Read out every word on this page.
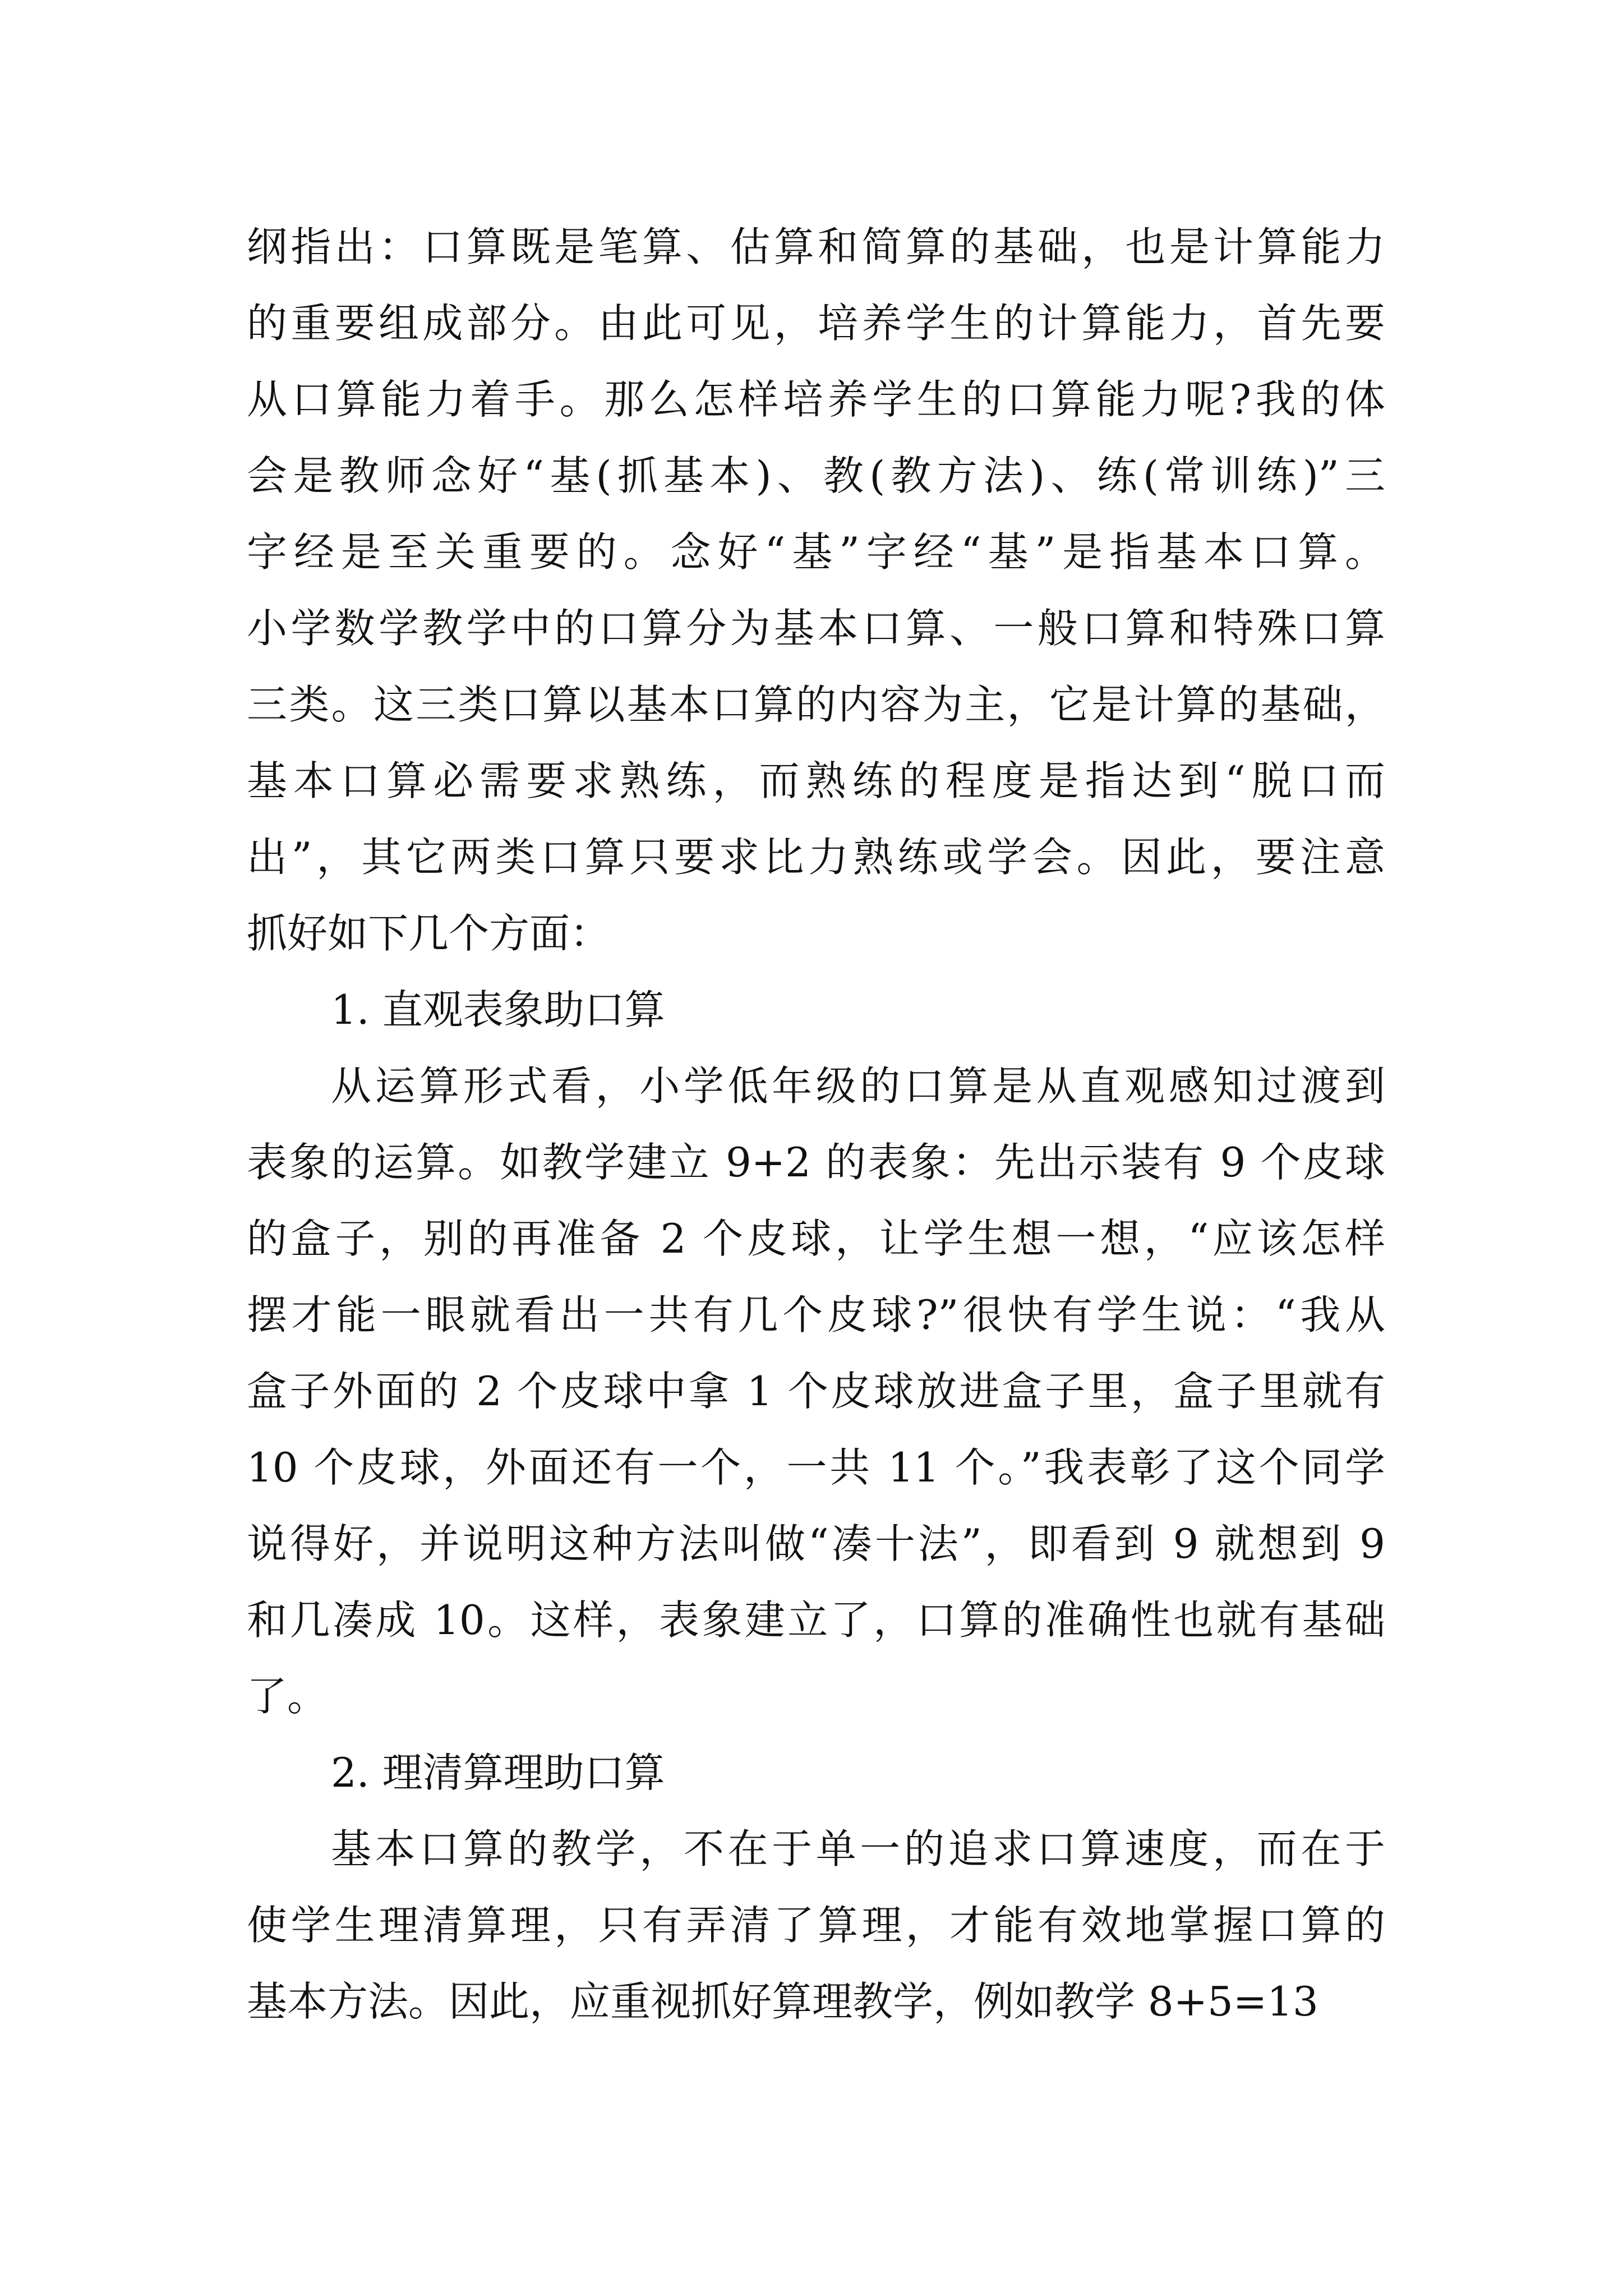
纲指出：口算既是笔算、估算和简算的基础，也是计算能力
的重要组成部分。由此可见，培养学生的计算能力，首先要
从口算能力着手。那么怎样培养学生的口算能力呢?我的体
会是教师念好“基(抓基本)、教(教方法)、练(常训练)”三
字经是至关重要的。念好“基”字经“基”是指基本口算。
小学数学教学中的口算分为基本口算、一般口算和特殊口算
三类。这三类口算以基本口算的内容为主，它是计算的基础，
基本口算必需要求熟练，而熟练的程度是指达到“脱口而
出”，其它两类口算只要求比力熟练或学会。因此，要注意
抓好如下几个方面：
1. 直观表象助口算
从运算形式看，小学低年级的口算是从直观感知过渡到
表象的运算。如教学建立 9+2 的表象：先出示装有 9 个皮球
的盒子，别的再准备 2 个皮球，让学生想一想，“应该怎样
摆才能一眼就看出一共有几个皮球?”很快有学生说：“我从
盒子外面的 2 个皮球中拿 1 个皮球放进盒子里，盒子里就有
10 个皮球，外面还有一个，一共 11 个。”我表彰了这个同学
说得好，并说明这种方法叫做“凑十法”，即看到 9 就想到 9
和几凑成 10。这样，表象建立了，口算的准确性也就有基础
了。
2. 理清算理助口算
基本口算的教学，不在于单一的追求口算速度，而在于
使学生理清算理，只有弄清了算理，才能有效地掌握口算的
基本方法。因此，应重视抓好算理教学，例如教学 8+5=13
